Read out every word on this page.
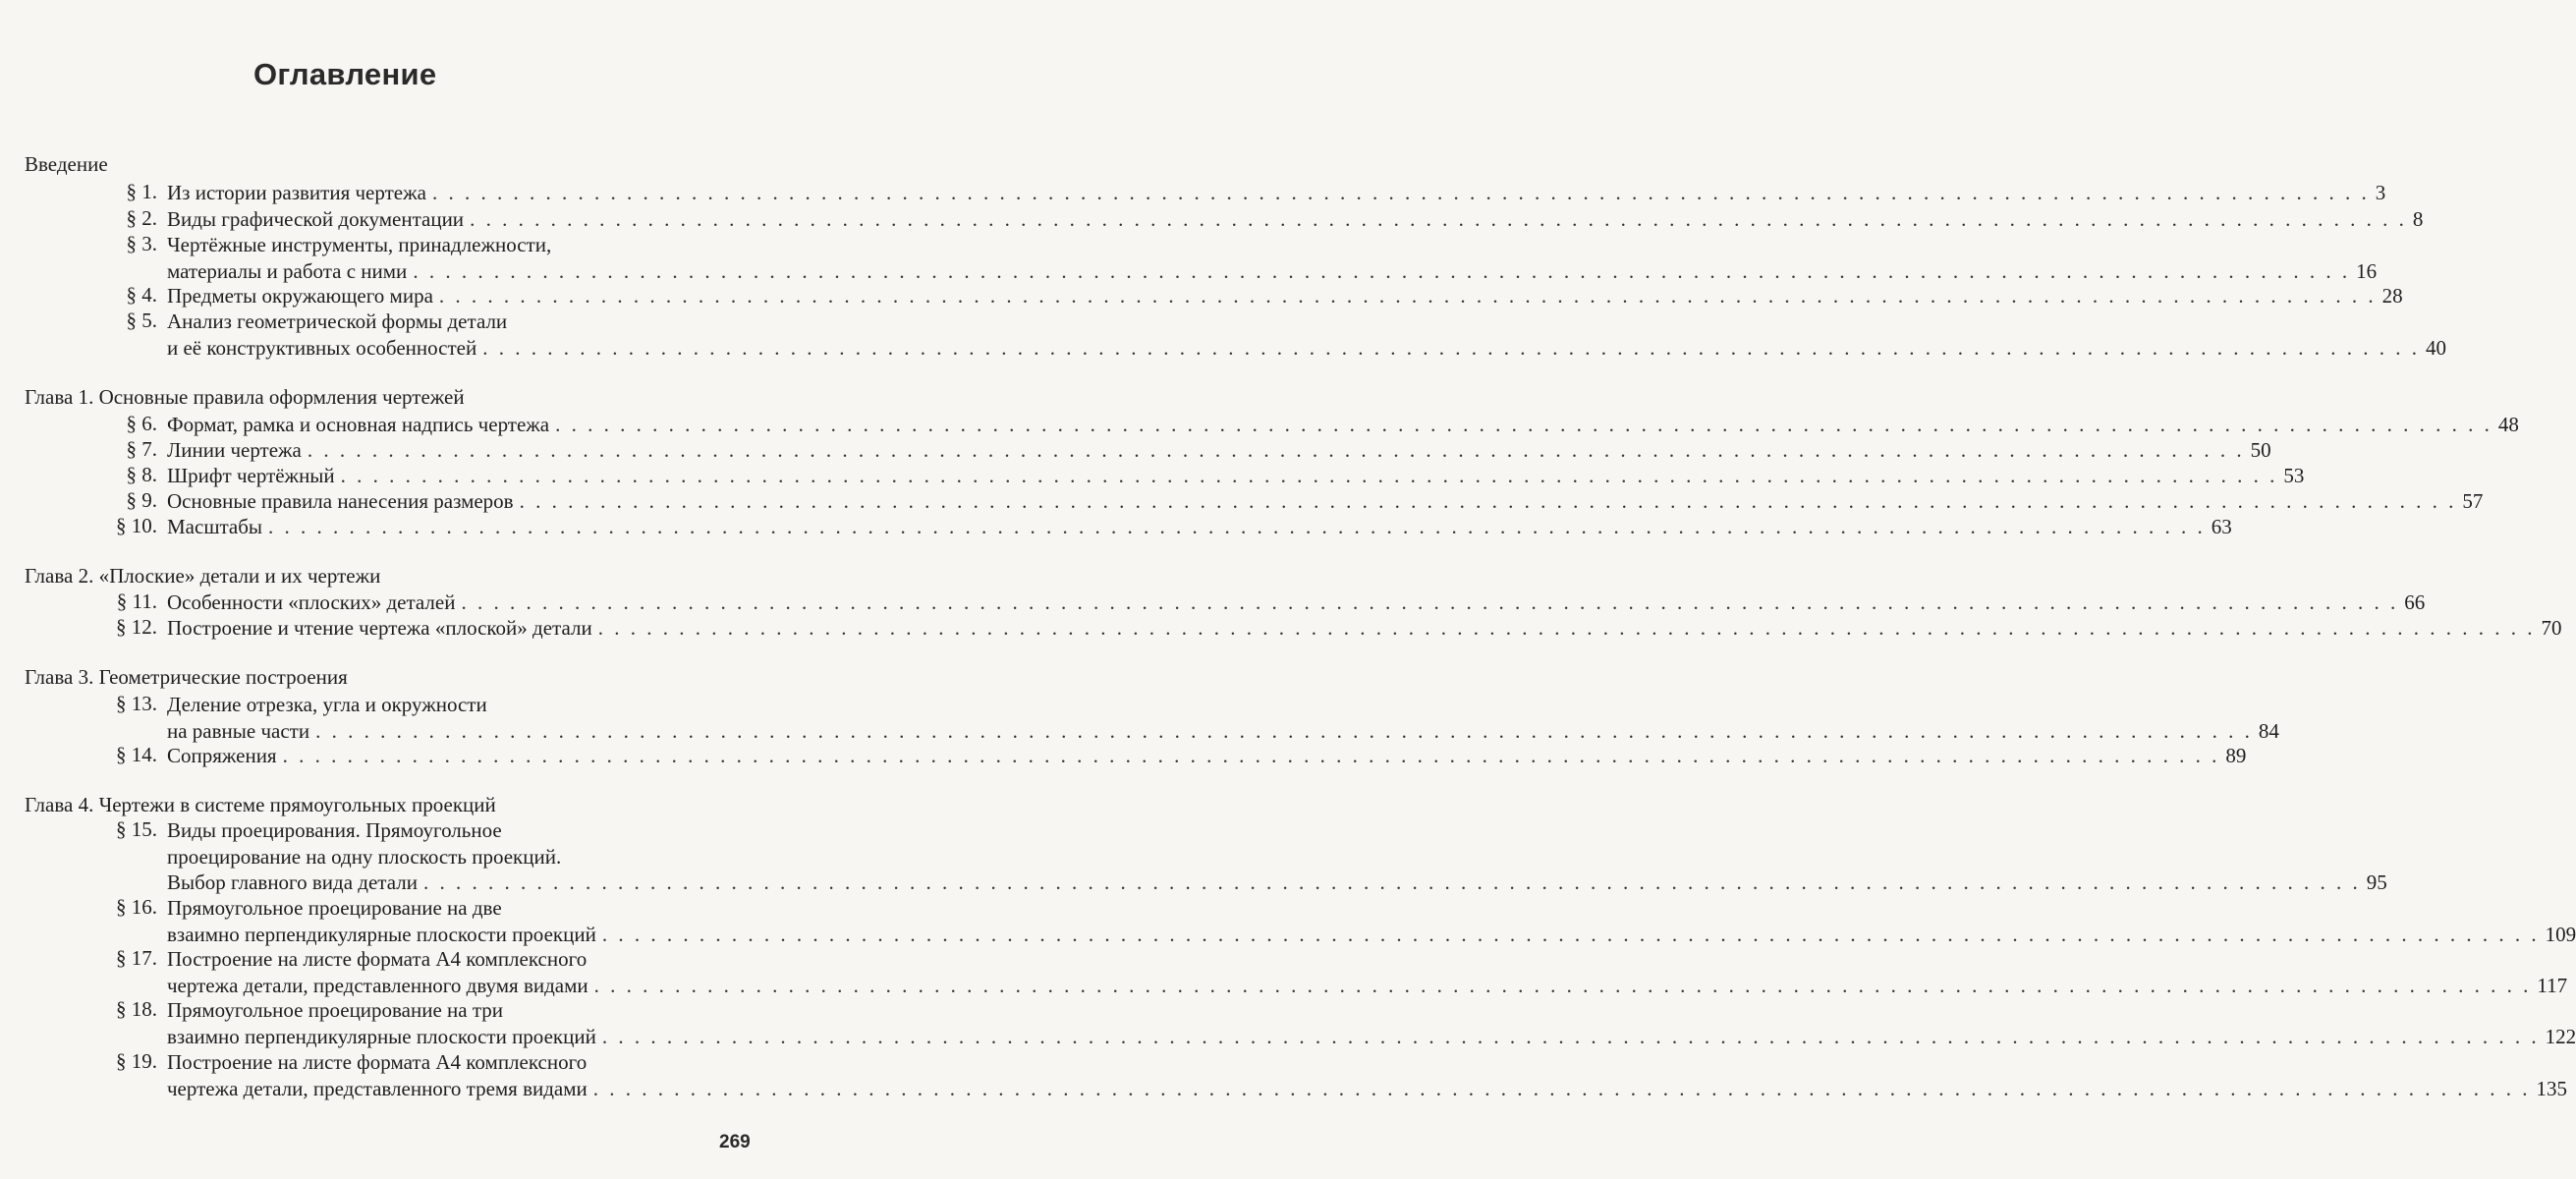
Оглавление
Введение
§ 1. Из истории развития чертежа . . . . . . . . . . . . . . . . . . . . . . . . . . . . . . . . . . . . . . . . . . . . . . . . . . . . . . . . . . . . . . . . . . . . . . . . . . . . . . . . . . . . . . . . . . . . . . . . . . . . . . . . . . . . . . . . . . . . . . . . 3
§ 2. Виды графической документации . . . . . . . . . . . . . . . . . . . . . . . . . . . . . . . . . . . . . . . . . . . . . . . . . . . . . . . . . . . . . . . . . . . . . . . . . . . . . . . . . . . . . . . . . . . . . . . . . . . . . . . . . . . . . . . . . . . . . . . . 8
§ 3. Чертёжные инструменты, принадлежности,
материалы и работа с ними . . . . . . . . . . . . . . . . . . . . . . . . . . . . . . . . . . . . . . . . . . . . . . . . . . . . . . . . . . . . . . . . . . . . . . . . . . . . . . . . . . . . . . . . . . . . . . . . . . . . . . . . . . . . . . . . . . . . . . . . 16
§ 4. Предметы окружающего мира . . . . . . . . . . . . . . . . . . . . . . . . . . . . . . . . . . . . . . . . . . . . . . . . . . . . . . . . . . . . . . . . . . . . . . . . . . . . . . . . . . . . . . . . . . . . . . . . . . . . . . . . . . . . . . . . . . . . . . . . 28
§ 5. Анализ геометрической формы детали
и её конструктивных особенностей . . . . . . . . . . . . . . . . . . . . . . . . . . . . . . . . . . . . . . . . . . . . . . . . . . . . . . . . . . . . . . . . . . . . . . . . . . . . . . . . . . . . . . . . . . . . . . . . . . . . . . . . . . . . . . . . . . . . . . . . 40
Глава 1. Основные правила оформления чертежей
§ 6. Формат, рамка и основная надпись чертежа . . . . . . . . . . . . . . . . . . . . . . . . . . . . . . . . . . . . . . . . . . . . . . . . . . . . . . . . . . . . . . . . . . . . . . . . . . . . . . . . . . . . . . . . . . . . . . . . . . . . . . . . . . . . . . . . . . . . . . . . 48
§ 7. Линии чертежа . . . . . . . . . . . . . . . . . . . . . . . . . . . . . . . . . . . . . . . . . . . . . . . . . . . . . . . . . . . . . . . . . . . . . . . . . . . . . . . . . . . . . . . . . . . . . . . . . . . . . . . . . . . . . . . . . . . . . . . . 50
§ 8. Шрифт чертёжный . . . . . . . . . . . . . . . . . . . . . . . . . . . . . . . . . . . . . . . . . . . . . . . . . . . . . . . . . . . . . . . . . . . . . . . . . . . . . . . . . . . . . . . . . . . . . . . . . . . . . . . . . . . . . . . . . . . . . . . . 53
§ 9. Основные правила нанесения размеров . . . . . . . . . . . . . . . . . . . . . . . . . . . . . . . . . . . . . . . . . . . . . . . . . . . . . . . . . . . . . . . . . . . . . . . . . . . . . . . . . . . . . . . . . . . . . . . . . . . . . . . . . . . . . . . . . . . . . . . . 57
§ 10. Масштабы . . . . . . . . . . . . . . . . . . . . . . . . . . . . . . . . . . . . . . . . . . . . . . . . . . . . . . . . . . . . . . . . . . . . . . . . . . . . . . . . . . . . . . . . . . . . . . . . . . . . . . . . . . . . . . . . . . . . . . . . 63
Глава 2. «Плоские» детали и их чертежи
§ 11. Особенности «плоских» деталей . . . . . . . . . . . . . . . . . . . . . . . . . . . . . . . . . . . . . . . . . . . . . . . . . . . . . . . . . . . . . . . . . . . . . . . . . . . . . . . . . . . . . . . . . . . . . . . . . . . . . . . . . . . . . . . . . . . . . . . . 66
§ 12. Построение и чтение чертежа «плоской» детали . . . . . . . . . . . . . . . . . . . . . . . . . . . . . . . . . . . . . . . . . . . . . . . . . . . . . . . . . . . . . . . . . . . . . . . . . . . . . . . . . . . . . . . . . . . . . . . . . . . . . . . . . . . . . . . . . . . . . . . . 70
Глава 3. Геометрические построения
§ 13. Деление отрезка, угла и окружности
на равные части . . . . . . . . . . . . . . . . . . . . . . . . . . . . . . . . . . . . . . . . . . . . . . . . . . . . . . . . . . . . . . . . . . . . . . . . . . . . . . . . . . . . . . . . . . . . . . . . . . . . . . . . . . . . . . . . . . . . . . . . 84
§ 14. Сопряжения . . . . . . . . . . . . . . . . . . . . . . . . . . . . . . . . . . . . . . . . . . . . . . . . . . . . . . . . . . . . . . . . . . . . . . . . . . . . . . . . . . . . . . . . . . . . . . . . . . . . . . . . . . . . . . . . . . . . . . . . 89
Глава 4. Чертежи в системе прямоугольных проекций
§ 15. Виды проецирования. Прямоугольное
проецирование на одну плоскость проекций.
Выбор главного вида детали . . . . . . . . . . . . . . . . . . . . . . . . . . . . . . . . . . . . . . . . . . . . . . . . . . . . . . . . . . . . . . . . . . . . . . . . . . . . . . . . . . . . . . . . . . . . . . . . . . . . . . . . . . . . . . . . . . . . . . . . 95
§ 16. Прямоугольное проецирование на две
взаимно перпендикулярные плоскости проекций . . . . . . . . . . . . . . . . . . . . . . . . . . . . . . . . . . . . . . . . . . . . . . . . . . . . . . . . . . . . . . . . . . . . . . . . . . . . . . . . . . . . . . . . . . . . . . . . . . . . . . . . . . . . . . . . . . . . . . . . 109
§ 17. Построение на листе формата А4 комплексного
чертежа детали, представленного двумя видами . . . . . . . . . . . . . . . . . . . . . . . . . . . . . . . . . . . . . . . . . . . . . . . . . . . . . . . . . . . . . . . . . . . . . . . . . . . . . . . . . . . . . . . . . . . . . . . . . . . . . . . . . . . . . . . . . . . . . . . . 117
§ 18. Прямоугольное проецирование на три
взаимно перпендикулярные плоскости проекций . . . . . . . . . . . . . . . . . . . . . . . . . . . . . . . . . . . . . . . . . . . . . . . . . . . . . . . . . . . . . . . . . . . . . . . . . . . . . . . . . . . . . . . . . . . . . . . . . . . . . . . . . . . . . . . . . . . . . . . . 122
§ 19. Построение на листе формата А4 комплексного
чертежа детали, представленного тремя видами . . . . . . . . . . . . . . . . . . . . . . . . . . . . . . . . . . . . . . . . . . . . . . . . . . . . . . . . . . . . . . . . . . . . . . . . . . . . . . . . . . . . . . . . . . . . . . . . . . . . . . . . . . . . . . . . . . . . . . . . 135
269
